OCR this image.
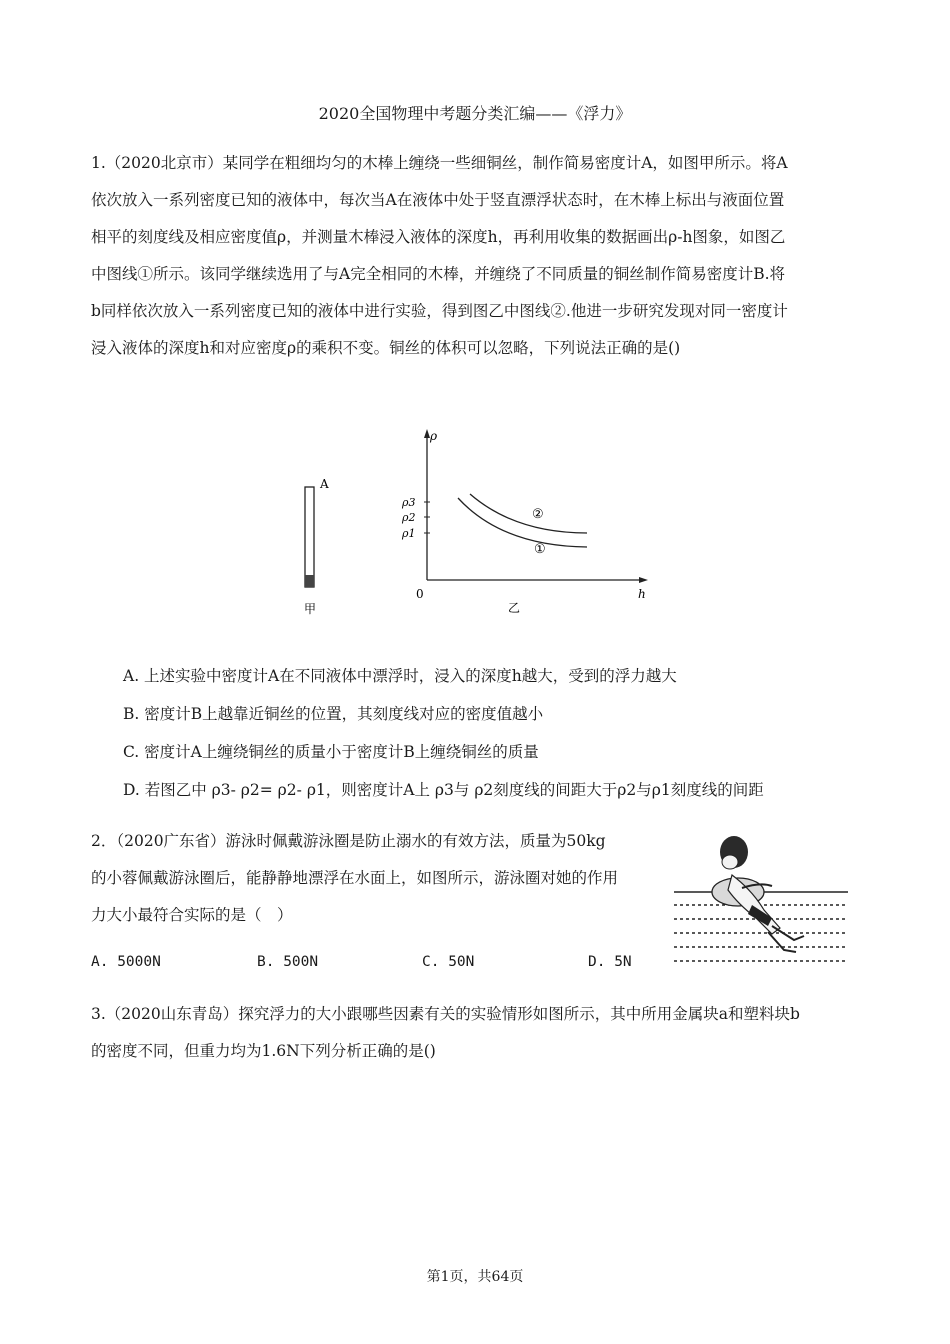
2020全国物理中考题分类汇编——《浮力》
1.（2020北京市）某同学在粗细均匀的木棒上缠绕一些细铜丝，制作简易密度计A，如图甲所示。将A
依次放入一系列密度已知的液体中，每次当A在液体中处于竖直漂浮状态时，在木棒上标出与液面位置
相平的刻度线及相应密度值ρ，并测量木棒浸入液体的深度h，再利用收集的数据画出ρ-h图象，如图乙
中图线①所示。该同学继续选用了与A完全相同的木棒，并缠绕了不同质量的铜丝制作简易密度计B.将
b同样依次放入一系列密度已知的液体中进行实验，得到图乙中图线②.他进一步研究发现对同一密度计
浸入液体的深度h和对应密度ρ的乘积不变。铜丝的体积可以忽略，下列说法正确的是()
A
甲
ρ
h
0
ρ3
ρ2
ρ1
②
①
乙
A. 上述实验中密度计A在不同液体中漂浮时，浸入的深度h越大，受到的浮力越大
B. 密度计B上越靠近铜丝的位置，其刻度线对应的密度值越小
C. 密度计A上缠绕铜丝的质量小于密度计B上缠绕铜丝的质量
D. 若图乙中 ρ3- ρ2= ρ2- ρ1，则密度计A上 ρ3与 ρ2刻度线的间距大于ρ2与ρ1刻度线的间距
2．（2020广东省）游泳时佩戴游泳圈是防止溺水的有效方法，质量为50kg
的小蓉佩戴游泳圈后，能静静地漂浮在水面上，如图所示，游泳圈对她的作用
力大小最符合实际的是（　）
A. 5000N	B. 500N	C. 50N	D. 5N
3.（2020山东青岛）探究浮力的大小跟哪些因素有关的实验情形如图所示，其中所用金属块a和塑料块b
的密度不同，但重力均为1.6N下列分析正确的是()
第1页，共64页
